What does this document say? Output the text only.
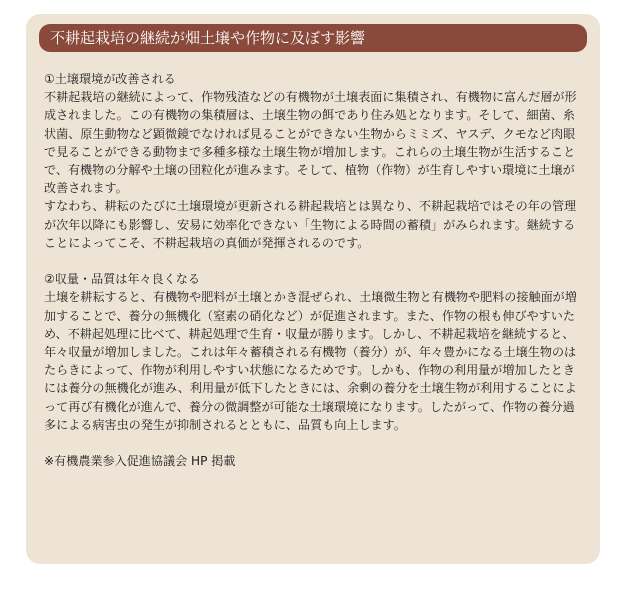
不耕起栽培の継続が畑土壌や作物に及ぼす影響

①土壌環境が改善される

不耕起栽培の継続によって、作物残渣などの有機物が土壌表面に集積され、有機物に富んだ層が形成されました。この有機物の集積層は、土壌生物の餌であり住み処となります。そして、細菌、糸状菌、原生動物など顕微鏡でなければ見ることができない生物からミミズ、ヤスデ、クモなど肉眼で見ることができる動物まで多種多様な土壌生物が増加します。これらの土壌生物が生活することで、有機物の分解や土壌の団粒化が進みます。そして、植物（作物）が生育しやすい環境に土壌が改善されます。

すなわち、耕耘のたびに土壌環境が更新される耕起栽培とは異なり、不耕起栽培ではその年の管理が次年以降にも影響し、安易に効率化できない「生物による時間の蓄積」がみられます。継続することによってこそ、不耕起栽培の真価が発揮されるのです。

②収量・品質は年々良くなる

土壌を耕耘すると、有機物や肥料が土壌とかき混ぜられ、土壌微生物と有機物や肥料の接触面が増加することで、養分の無機化（窒素の硝化など）が促進されます。また、作物の根も伸びやすいため、不耕起処理に比べて、耕起処理で生育・収量が勝ります。しかし、不耕起栽培を継続すると、年々収量が増加しました。これは年々蓄積される有機物（養分）が、年々豊かになる土壌生物のはたらきによって、作物が利用しやすい状態になるためです。しかも、作物の利用量が増加したときには養分の無機化が進み、利用量が低下したときには、余剰の養分を土壌生物が利用することによって再び有機化が進んで、養分の微調整が可能な土壌環境になります。したがって、作物の養分過多による病害虫の発生が抑制されるとともに、品質も向上します。

※有機農業参入促進協議会 HP 掲載
